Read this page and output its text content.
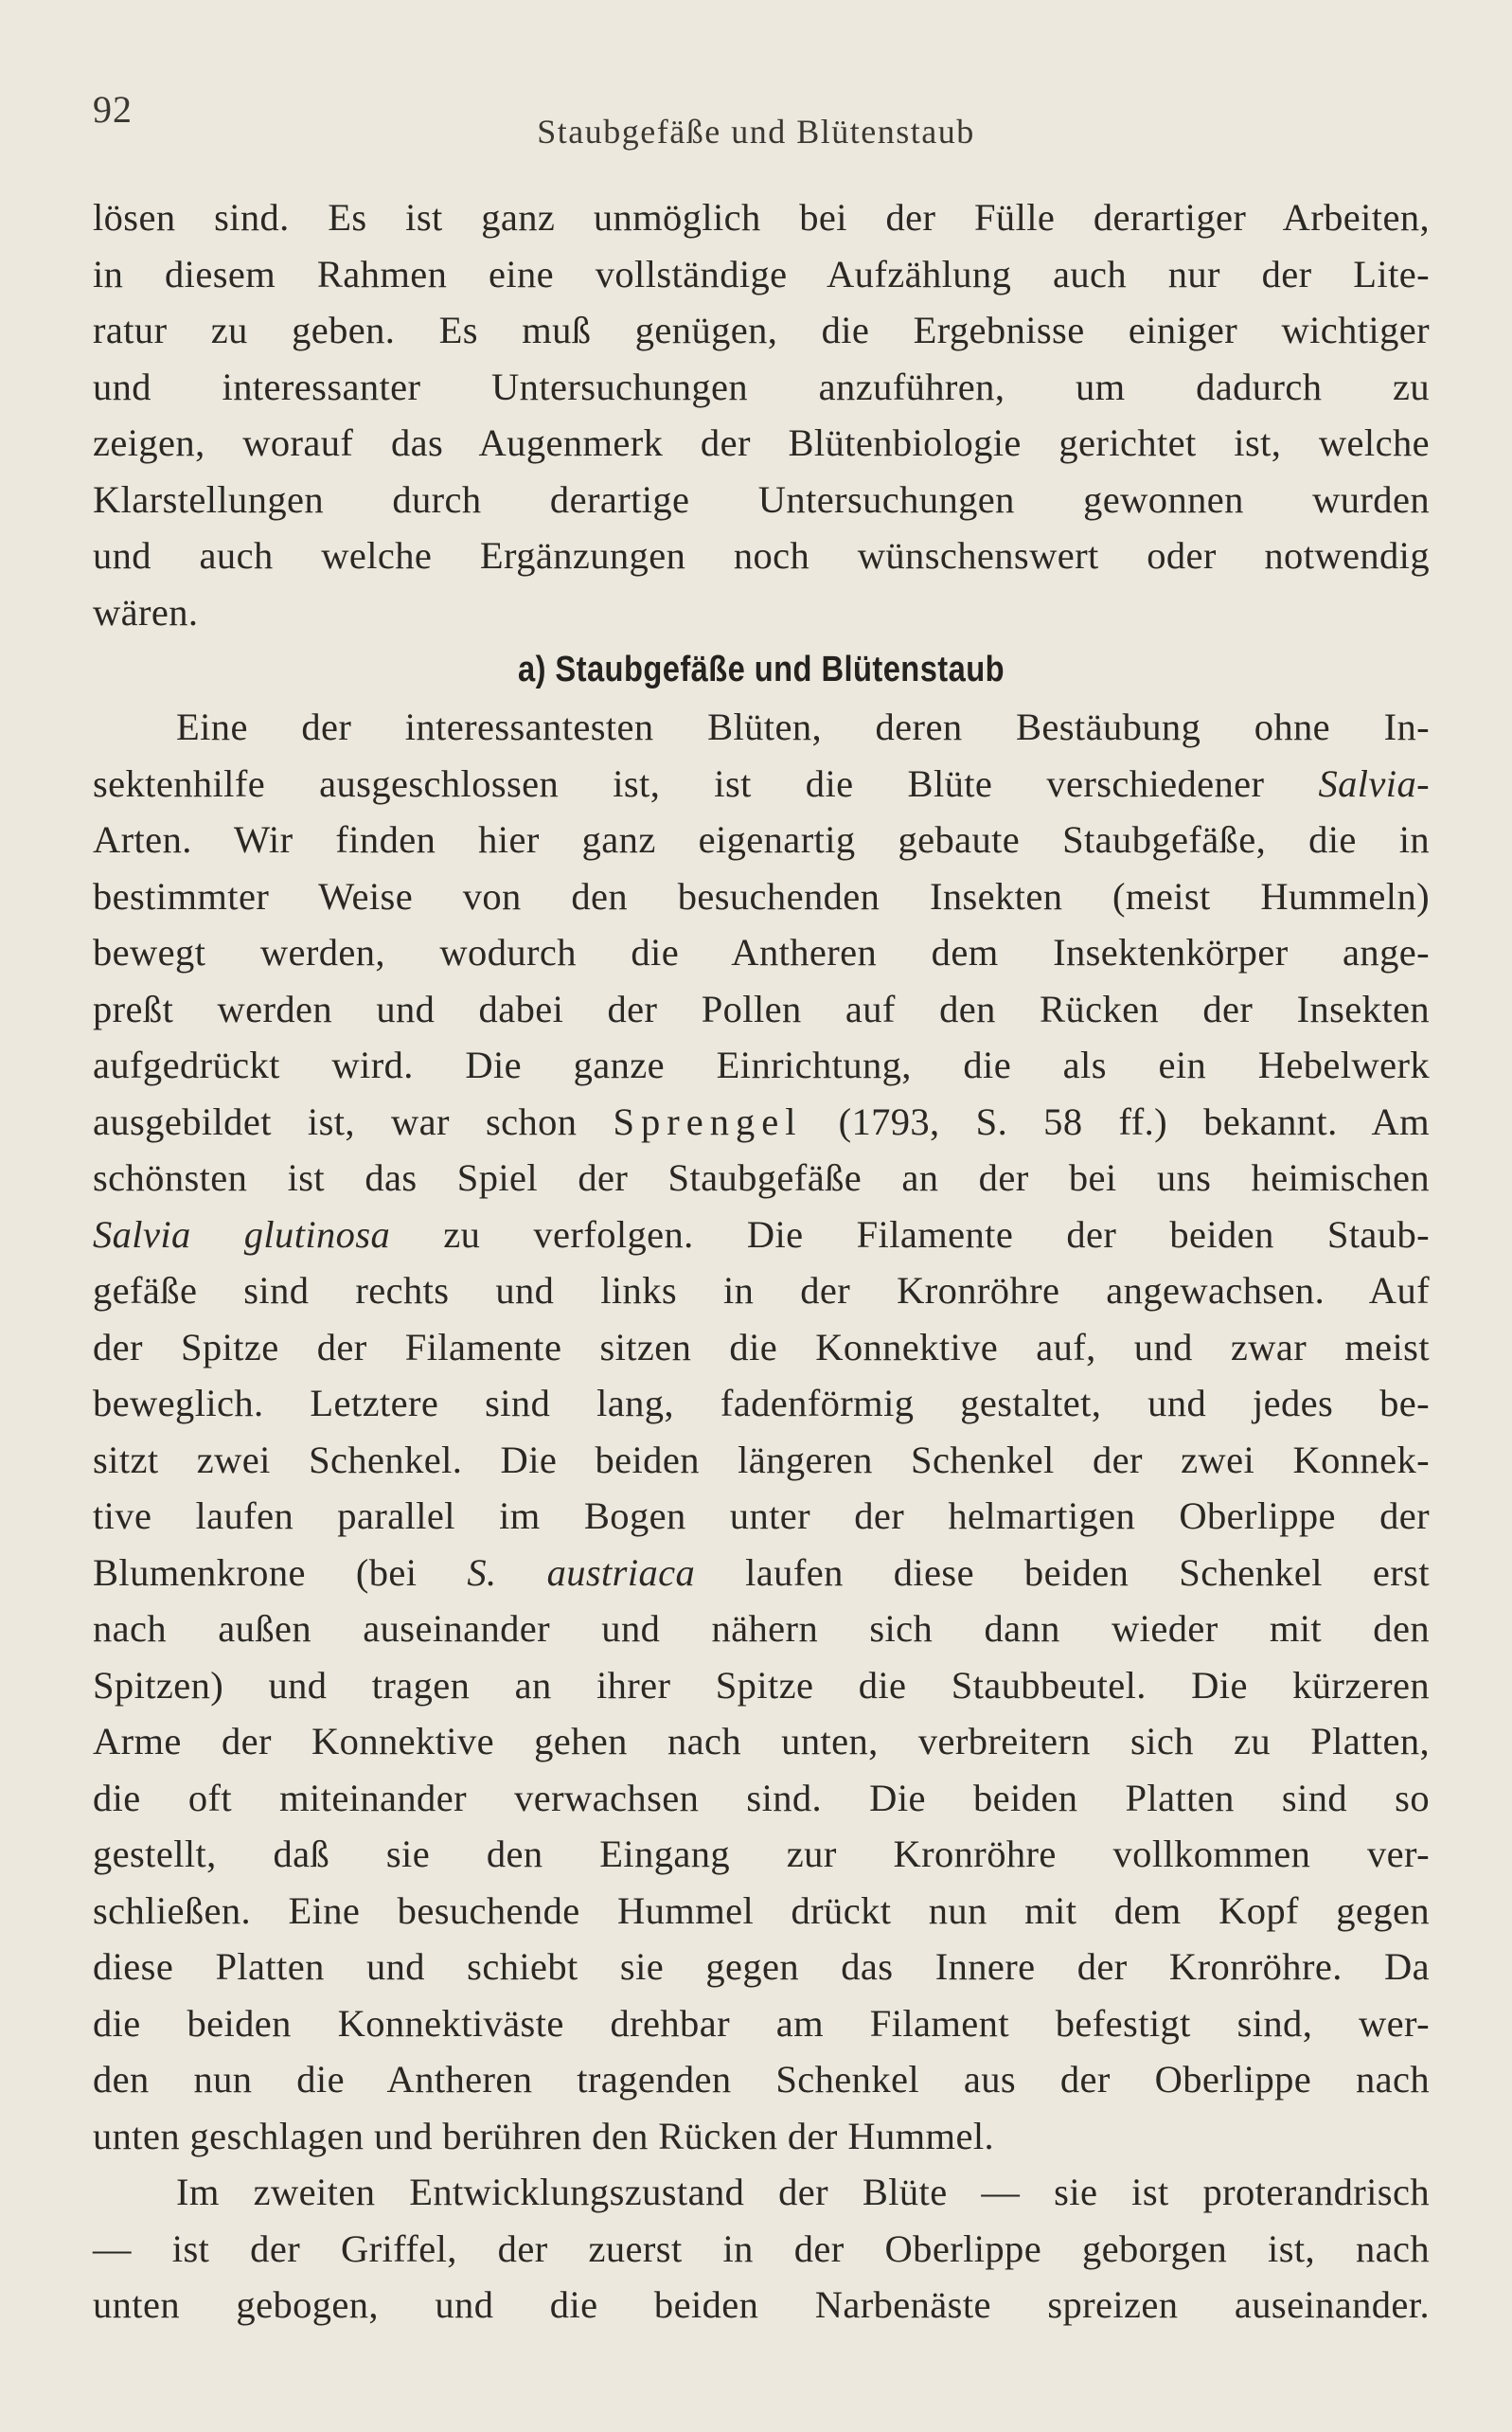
92
Staubgefäße und Blütenstaub
lösen sind. Es ist ganz unmöglich bei der Fülle derartiger Arbeiten,
in diesem Rahmen eine vollständige Aufzählung auch nur der Lite-
ratur zu geben. Es muß genügen, die Ergebnisse einiger wichtiger
und interessanter Untersuchungen anzuführen, um dadurch zu
zeigen, worauf das Augenmerk der Blütenbiologie gerichtet ist, welche
Klarstellungen durch derartige Untersuchungen gewonnen wurden
und auch welche Ergänzungen noch wünschenswert oder notwendig
wären.
a) Staubgefäße und Blütenstaub
Eine der interessantesten Blüten, deren Bestäubung ohne In-
sektenhilfe ausgeschlossen ist, ist die Blüte verschiedener Salvia-
Arten. Wir finden hier ganz eigenartig gebaute Staubgefäße, die in
bestimmter Weise von den besuchenden Insekten (meist Hummeln)
bewegt werden, wodurch die Antheren dem Insektenkörper ange-
preßt werden und dabei der Pollen auf den Rücken der Insekten
aufgedrückt wird. Die ganze Einrichtung, die als ein Hebelwerk
ausgebildet ist, war schon Sprengel (1793, S. 58 ff.) bekannt. Am
schönsten ist das Spiel der Staubgefäße an der bei uns heimischen
Salvia glutinosa zu verfolgen. Die Filamente der beiden Staub-
gefäße sind rechts und links in der Kronröhre angewachsen. Auf
der Spitze der Filamente sitzen die Konnektive auf, und zwar meist
beweglich. Letztere sind lang, fadenförmig gestaltet, und jedes be-
sitzt zwei Schenkel. Die beiden längeren Schenkel der zwei Konnek-
tive laufen parallel im Bogen unter der helmartigen Oberlippe der
Blumenkrone (bei S. austriaca laufen diese beiden Schenkel erst
nach außen auseinander und nähern sich dann wieder mit den
Spitzen) und tragen an ihrer Spitze die Staubbeutel. Die kürzeren
Arme der Konnektive gehen nach unten, verbreitern sich zu Platten,
die oft miteinander verwachsen sind. Die beiden Platten sind so
gestellt, daß sie den Eingang zur Kronröhre vollkommen ver-
schließen. Eine besuchende Hummel drückt nun mit dem Kopf gegen
diese Platten und schiebt sie gegen das Innere der Kronröhre. Da
die beiden Konnektiväste drehbar am Filament befestigt sind, wer-
den nun die Antheren tragenden Schenkel aus der Oberlippe nach
unten geschlagen und berühren den Rücken der Hummel.
Im zweiten Entwicklungszustand der Blüte — sie ist proterandrisch
— ist der Griffel, der zuerst in der Oberlippe geborgen ist, nach
unten gebogen, und die beiden Narbenäste spreizen auseinander.
